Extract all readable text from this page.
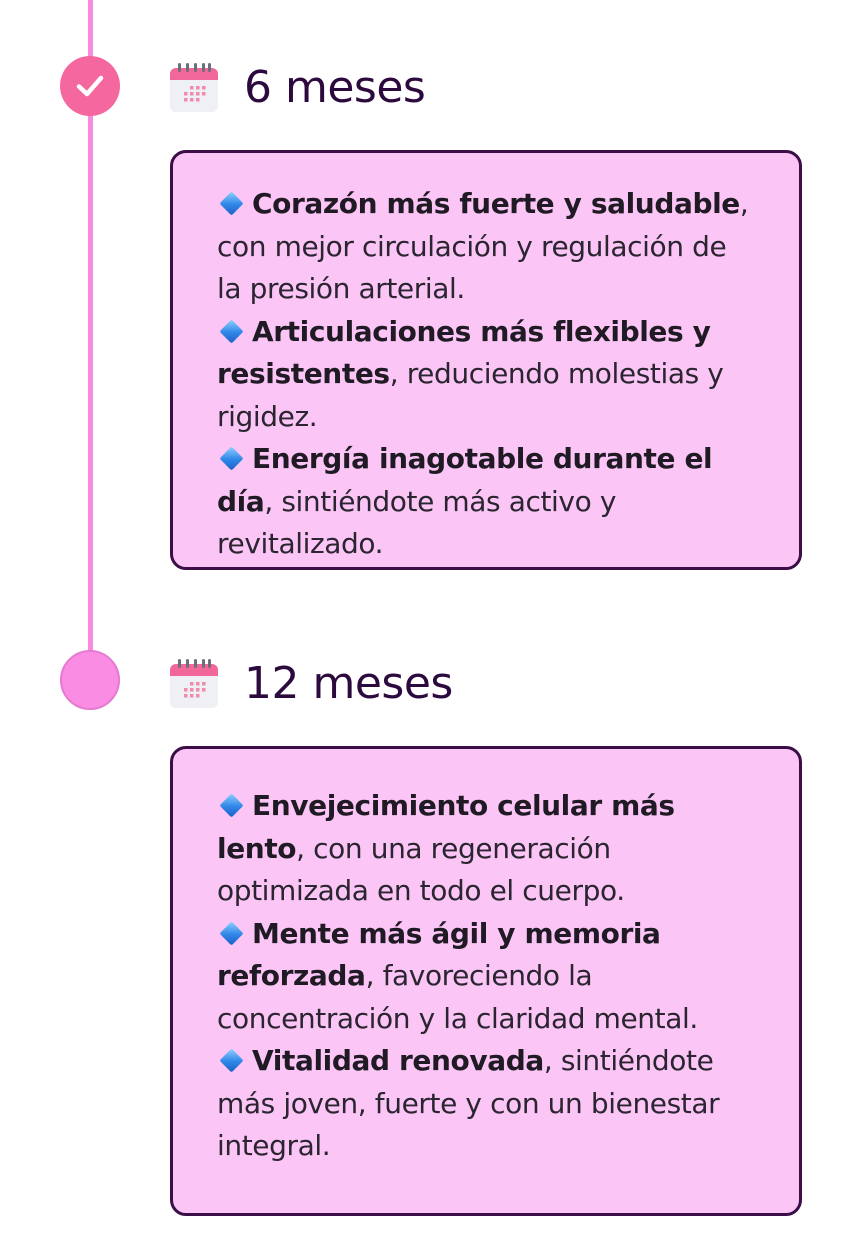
6 meses

Corazón más fuerte y saludable, con mejor circulación y regulación de la presión arterial.

Articulaciones más flexibles y resistentes, reduciendo molestias y rigidez.

Energía inagotable durante el día, sintiéndote más activo y revitalizado.

12 meses

Envejecimiento celular más lento, con una regeneración optimizada en todo el cuerpo.

Mente más ágil y memoria reforzada, favoreciendo la concentración y la claridad mental.

Vitalidad renovada, sintiéndote más joven, fuerte y con un bienestar integral.
